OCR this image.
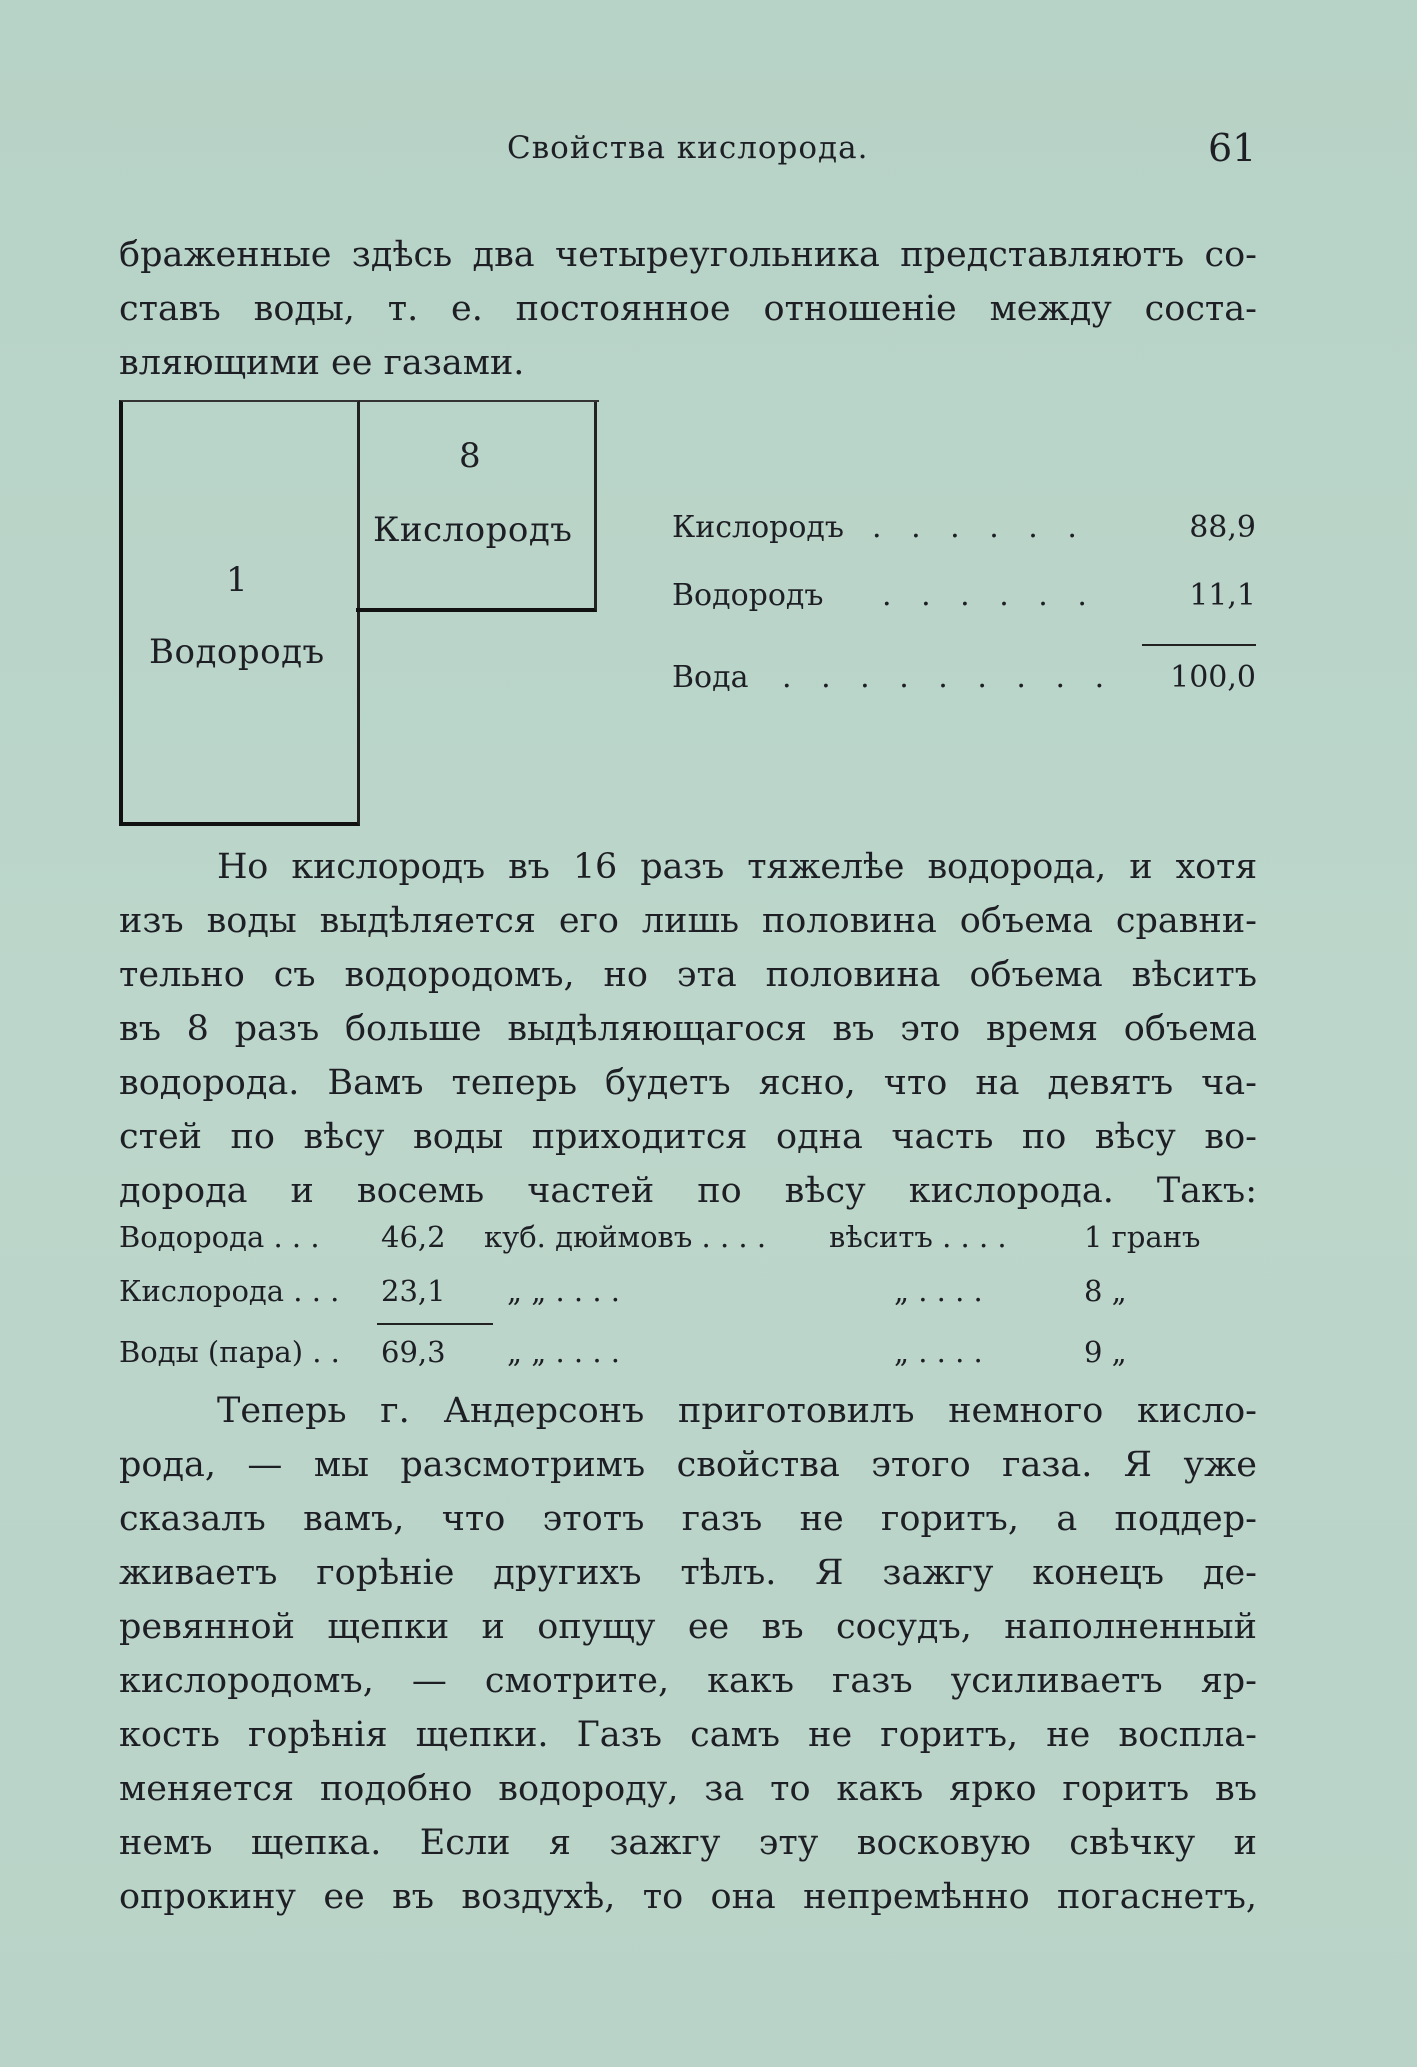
Свойства кислорода.	61
браженные здѣсь два четыреугольника представляютъ со-
ставъ воды, т. е. постоянное отношеніе между соста-
вляющими ее газами.
1
Водородъ
8
Кислородъ	Кислородъ . . . . . .	88,9
Водородъ . . . . . .	11,1
Вода . . . . . . . . . 100,0
Но кислородъ въ 16 разъ тяжелѣе водорода, и хотя
изъ воды выдѣляется его лишь половина объема сравни-
тельно съ водородомъ, но эта половина объема вѣситъ
въ 8 разъ больше выдѣляющагося въ это время объема
водорода. Вамъ теперь будетъ ясно, что на девятъ ча-
стей по вѣсу воды приходится одна часть по вѣсу во-
дорода и восемь частей по вѣсу кислорода. Такъ:
Водорода . . . 46,2 куб. дюймовъ . . . . вѣситъ . . . .	1 гранъ
Кислорода . . . 23,1 „ „ . . . .	„ . . . .	8 „
Воды (пара) . . 69,3 „ „ . . . .	„ . . . .	9 „
Теперь г. Андерсонъ приготовилъ немного кисло-
рода, — мы разсмотримъ свойства этого газа. Я уже
сказалъ вамъ, что этотъ газъ не горитъ, а поддер-
живаетъ горѣніе другихъ тѣлъ. Я зажгу конецъ де-
ревянной щепки и опущу ее въ сосудъ, наполненный
кислородомъ, — смотрите, какъ газъ усиливаетъ яр-
кость горѣнія щепки. Газъ самъ не горитъ, не воспла-
меняется подобно водороду, за то какъ ярко горитъ въ
немъ щепка. Если я зажгу эту восковую свѣчку и
опрокину ее въ воздухѣ, то она непремѣнно погаснетъ,
